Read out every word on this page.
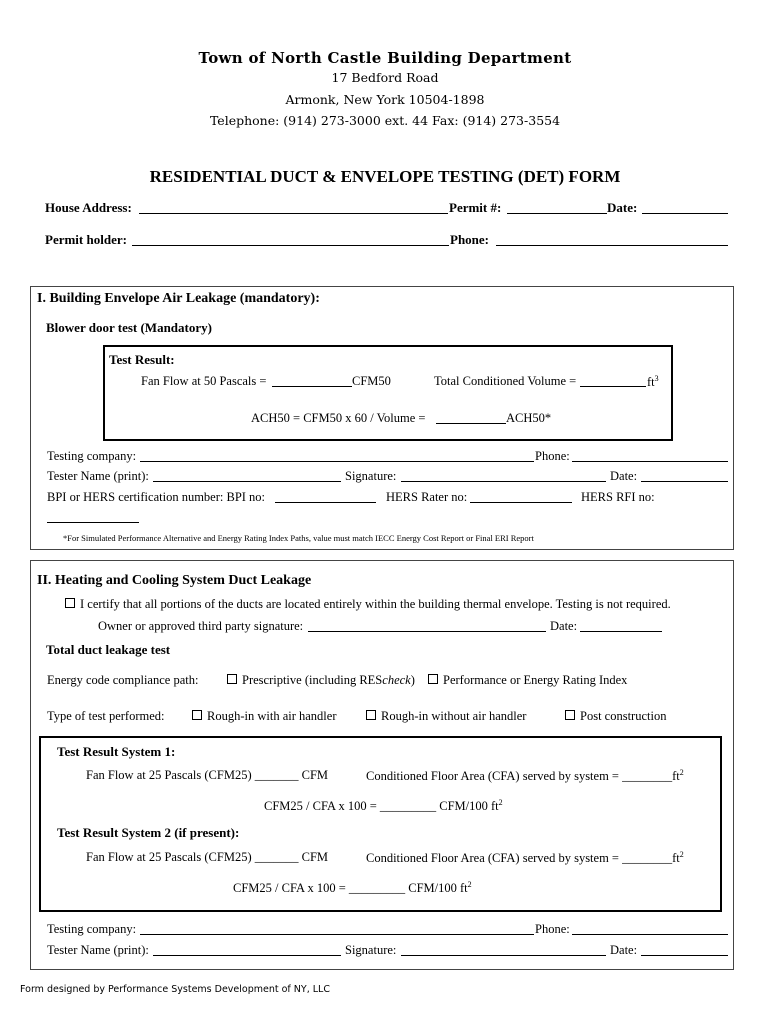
Town of North Castle Building Department
17 Bedford Road
Armonk, New York 10504-1898
Telephone: (914) 273-3000 ext. 44 Fax: (914) 273-3554
RESIDENTIAL DUCT & ENVELOPE TESTING (DET) FORM
House Address:	Permit #:	Date:
Permit holder:	Phone:
I. Building Envelope Air Leakage (mandatory):
Blower door test (Mandatory)
Test Result:
Fan Flow at 50 Pascals =	CFM50	Total Conditioned Volume =	$ft^3$
ACH50 = CFM50 x 60 / Volume =	ACH50*
Testing company:	Phone:
Tester Name (print):	Signature:	Date:
BPI or HERS certification number: BPI no:	HERS Rater no:	HERS RFI no:
*For Simulated Performance Alternative and Energy Rating Index Paths, value must match IECC Energy Cost Report or Final ERI Report
II. Heating and Cooling System Duct Leakage
I certify that all portions of the ducts are located entirely within the building thermal envelope. Testing is not required.
Owner or approved third party signature:	Date:
Total duct leakage test
Energy code compliance path:	Prescriptive (including REScheck)	Performance or Energy Rating Index
Type of test performed:	Rough-in with air handler	Rough-in without air handler	Post construction
Test Result System 1:
Fan Flow at 25 Pascals (CFM25) _______ CFM	Conditioned Floor Area (CFA) served by system = $\_\_\_\_\_\_\_\_ft^2$
CFM25 / CFA x 100 = _________ CFM/100 $ft^2$
Test Result System 2 (if present):
Fan Flow at 25 Pascals (CFM25) _______ CFM	Conditioned Floor Area (CFA) served by system = $\_\_\_\_\_\_\_\_ft^2$
CFM25 / CFA x 100 = _________ CFM/100 $ft^2$
Testing company:	Phone:
Tester Name (print):	Signature:	Date:
Form designed by Performance Systems Development of NY, LLC
